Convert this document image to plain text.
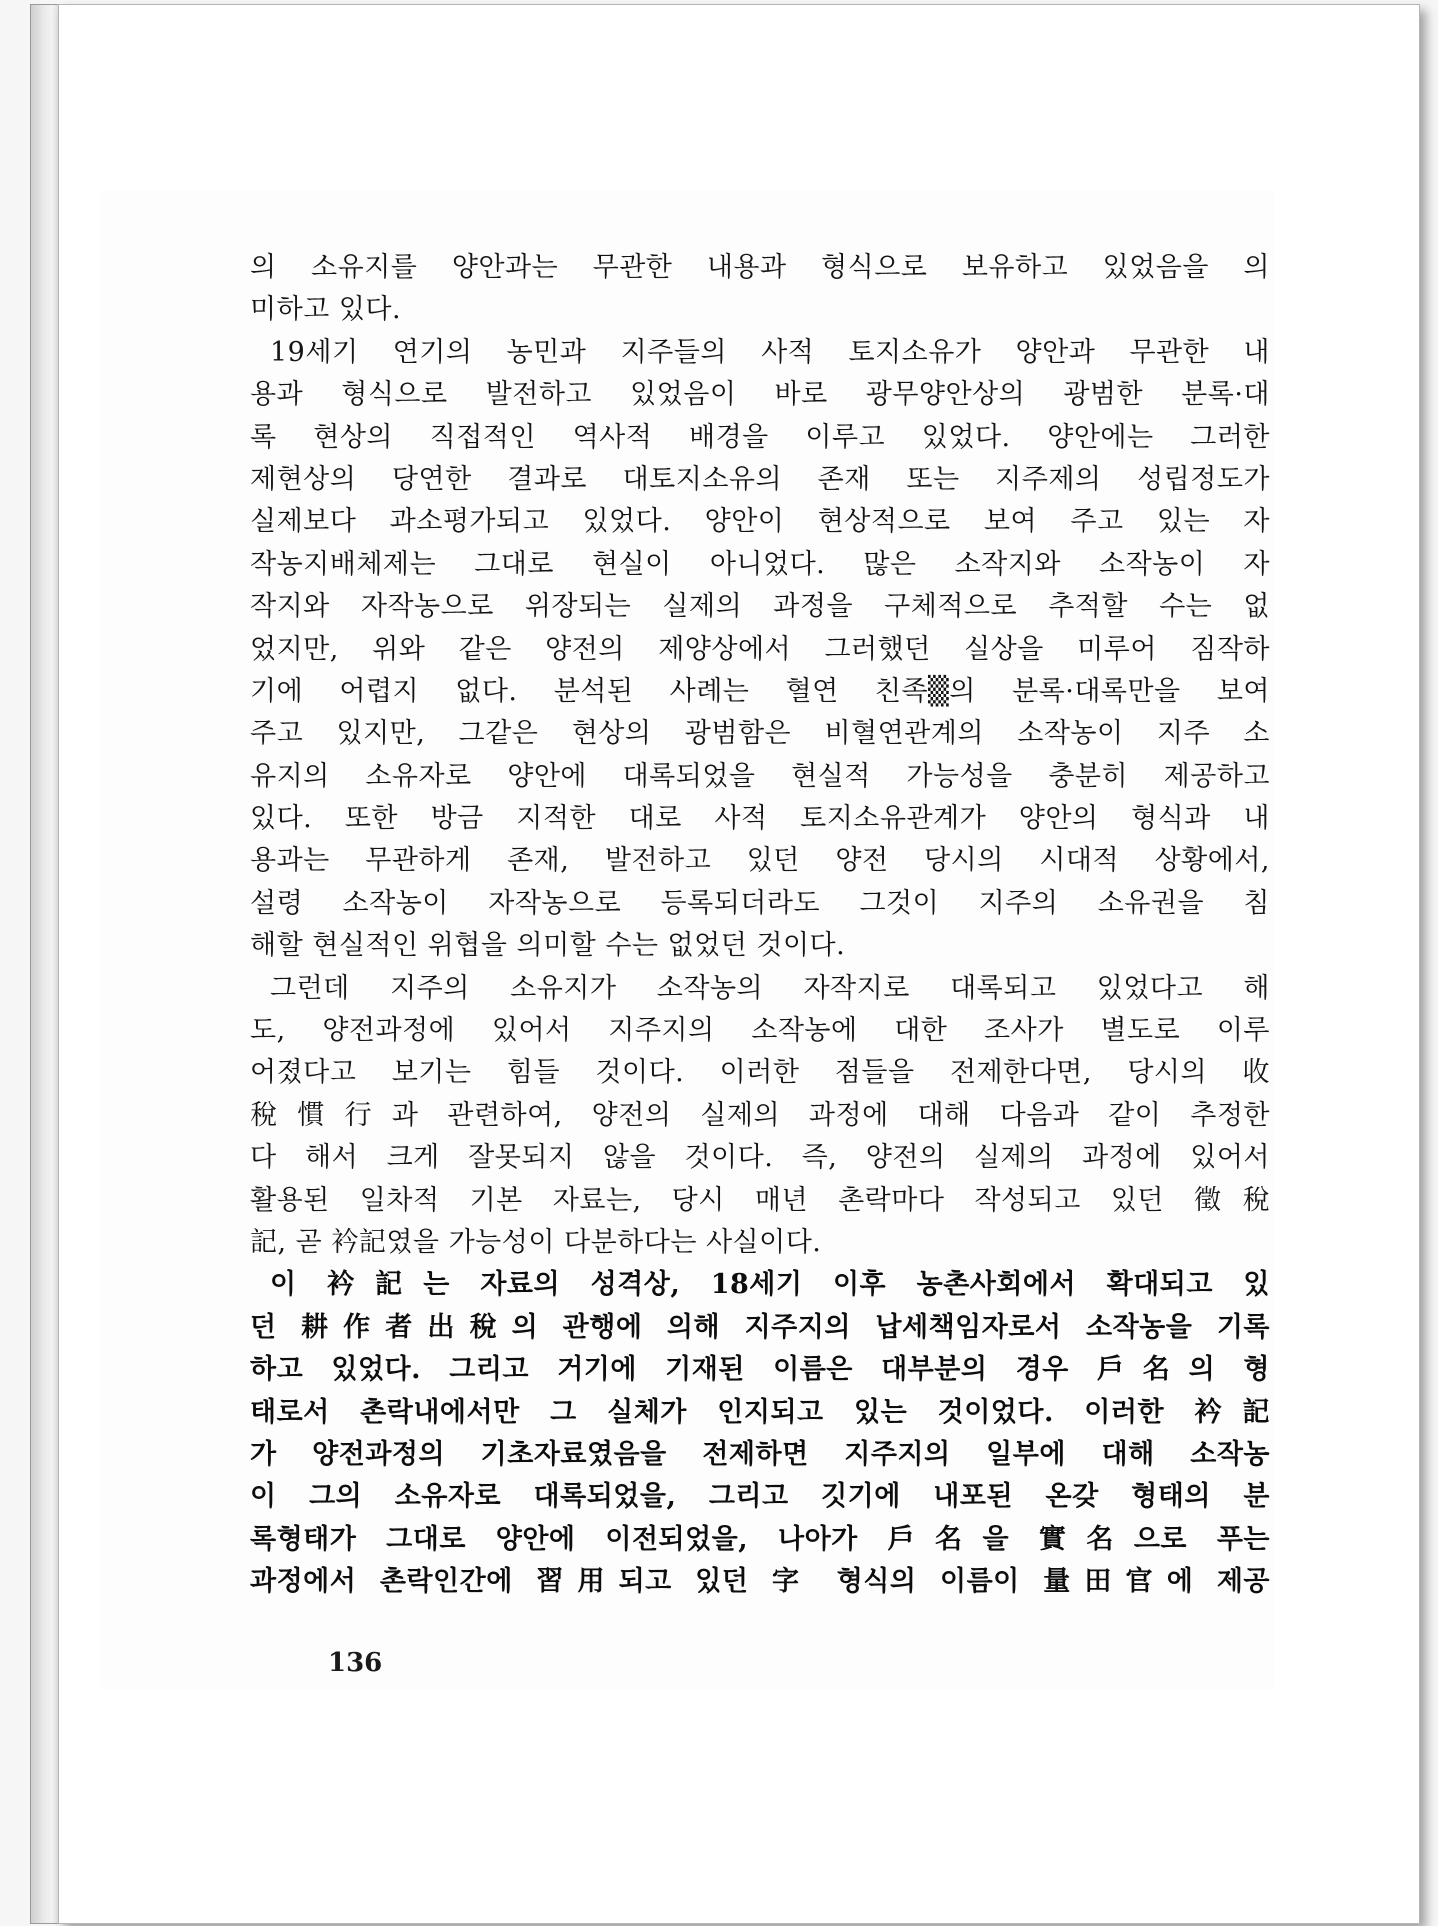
의 소유지를 양안과는 무관한 내용과 형식으로 보유하고 있었음을 의
미하고 있다.
19세기 연기의 농민과 지주들의 사적 토지소유가 양안과 무관한 내
용과 형식으로 발전하고 있었음이 바로 광무양안상의 광범한 분록·대
록 현상의 직접적인 역사적 배경을 이루고 있었다. 양안에는 그러한
제현상의 당연한 결과로 대토지소유의 존재 또는 지주제의 성립정도가
실제보다 과소평가되고 있었다. 양안이 현상적으로 보여 주고 있는 자
작농지배체제는 그대로 현실이 아니었다. 많은 소작지와 소작농이 자
작지와 자작농으로 위장되는 실제의 과정을 구체적으로 추적할 수는 없
었지만, 위와 같은 양전의 제양상에서 그러했던 실상을 미루어 짐작하
기에 어렵지 없다. 분석된 사례는 혈연 친족▒의 분록·대록만을 보여
주고 있지만, 그같은 현상의 광범함은 비혈연관계의 소작농이 지주 소
유지의 소유자로 양안에 대록되었을 현실적 가능성을 충분히 제공하고
있다. 또한 방금 지적한 대로 사적 토지소유관계가 양안의 형식과 내
용과는 무관하게 존재, 발전하고 있던 양전 당시의 시대적 상황에서,
설령 소작농이 자작농으로 등록되더라도 그것이 지주의 소유권을 침
해할 현실적인 위협을 의미할 수는 없었던 것이다.
그런데 지주의 소유지가 소작농의 자작지로 대록되고 있었다고 해
도, 양전과정에 있어서 지주지의 소작농에 대한 조사가 별도로 이루
어졌다고 보기는 힘들 것이다. 이러한 점들을 전제한다면, 당시의 收
稅慣行과 관련하여, 양전의 실제의 과정에 대해 다음과 같이 추정한
다 해서 크게 잘못되지 않을 것이다. 즉, 양전의 실제의 과정에 있어서
활용된 일차적 기본 자료는, 당시 매년 촌락마다 작성되고 있던 徵稅
記, 곧 衿記였을 가능성이 다분하다는 사실이다.
이 衿記는 자료의 성격상, 18세기 이후 농촌사회에서 확대되고 있
던 耕作者出稅의 관행에 의해 지주지의 납세책임자로서 소작농을 기록
하고 있었다. 그리고 거기에 기재된 이름은 대부분의 경우 戶名의 형
태로서 촌락내에서만 그 실체가 인지되고 있는 것이었다. 이러한 衿記
가 양전과정의 기초자료였음을 전제하면 지주지의 일부에 대해 소작농
이 그의 소유자로 대록되었을, 그리고 깃기에 내포된 온갖 형태의 분
록형태가 그대로 양안에 이전되었을, 나아가 戶名을 實名으로 푸는
과정에서 촌락인간에 習用되고 있던 字 형식의 이름이 量田官에 제공
136
